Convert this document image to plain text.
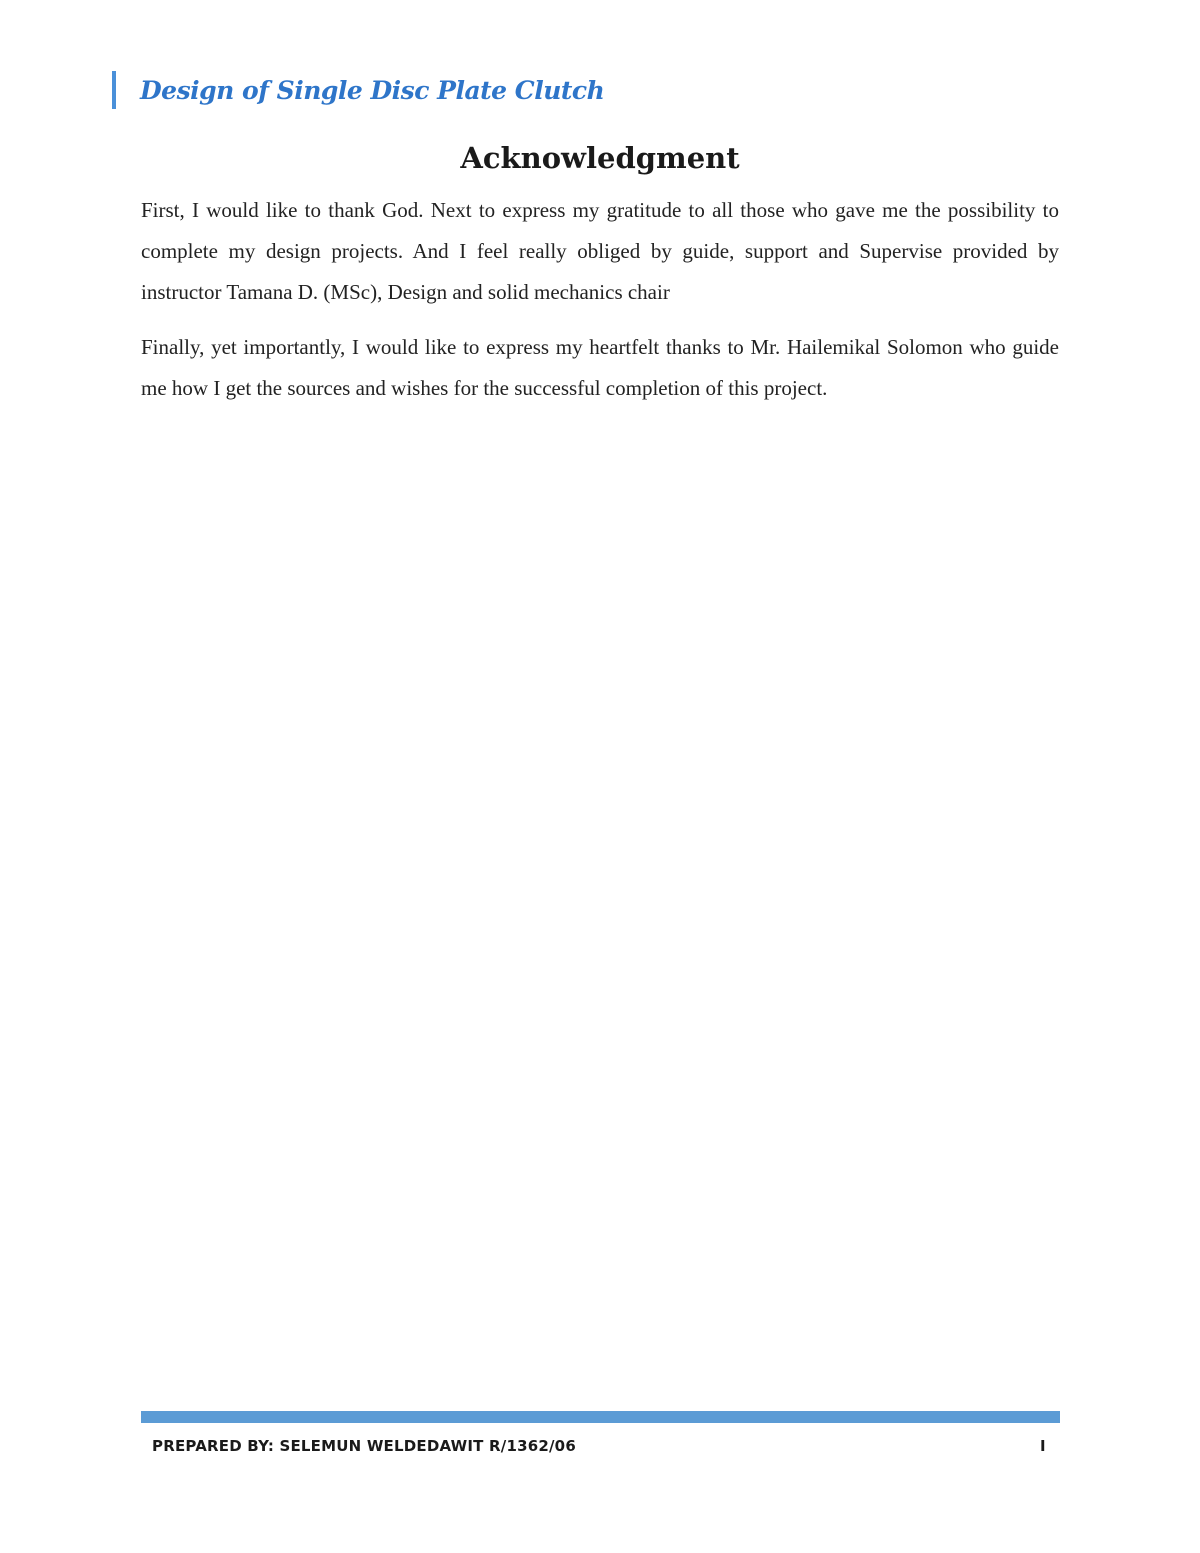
Design of Single Disc Plate Clutch
Acknowledgment

First, I would like to thank God. Next to express my gratitude to all those who gave me the possibility to complete my design projects. And I feel really obliged by guide, support and Supervise provided by instructor Tamana D. (MSc), Design and solid mechanics chair

Finally, yet importantly, I would like to express my heartfelt thanks to Mr. Hailemikal Solomon who guide me how I get the sources and wishes for the successful completion of this project.

PREPARED BY: SELEMUN WELDEDAWIT R/1362/06	I
